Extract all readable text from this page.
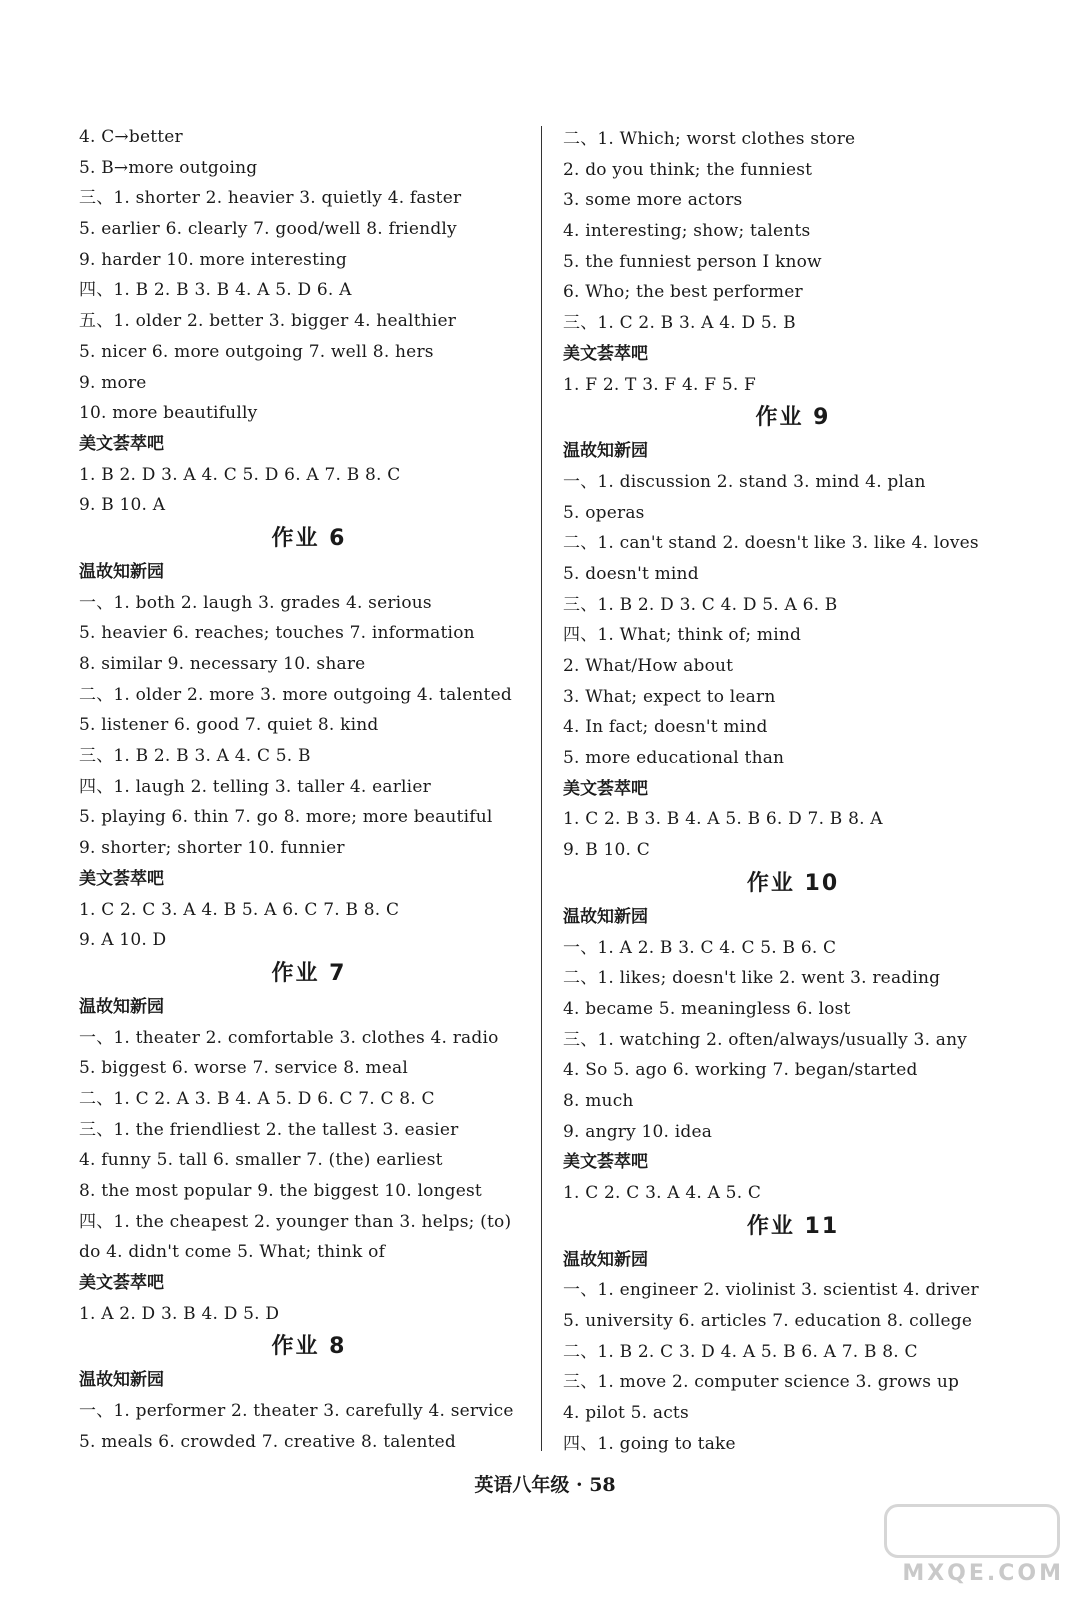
4. C→better
5. B→more outgoing
三、1. shorter 2. heavier 3. quietly 4. faster
5. earlier 6. clearly 7. good/well 8. friendly
9. harder 10. more interesting
四、1. B 2. B 3. B 4. A 5. D 6. A
五、1. older 2. better 3. bigger 4. healthier
5. nicer 6. more outgoing 7. well 8. hers
9. more
10. more beautifully
美文荟萃吧
1. B 2. D 3. A 4. C 5. D 6. A 7. B 8. C
9. B 10. A
作业 6
温故知新园
一、1. both 2. laugh 3. grades 4. serious
5. heavier 6. reaches; touches 7. information
8. similar 9. necessary 10. share
二、1. older 2. more 3. more outgoing 4. talented
5. listener 6. good 7. quiet 8. kind
三、1. B 2. B 3. A 4. C 5. B
四、1. laugh 2. telling 3. taller 4. earlier
5. playing 6. thin 7. go 8. more; more beautiful
9. shorter; shorter 10. funnier
美文荟萃吧
1. C 2. C 3. A 4. B 5. A 6. C 7. B 8. C
9. A 10. D
作业 7
温故知新园
一、1. theater 2. comfortable 3. clothes 4. radio
5. biggest 6. worse 7. service 8. meal
二、1. C 2. A 3. B 4. A 5. D 6. C 7. C 8. C
三、1. the friendliest 2. the tallest 3. easier
4. funny 5. tall 6. smaller 7. (the) earliest
8. the most popular 9. the biggest 10. longest
四、1. the cheapest 2. younger than 3. helps; (to)
do 4. didn't come 5. What; think of
美文荟萃吧
1. A 2. D 3. B 4. D 5. D
作业 8
温故知新园
一、1. performer 2. theater 3. carefully 4. service
5. meals 6. crowded 7. creative 8. talented
二、1. Which; worst clothes store
2. do you think; the funniest
3. some more actors
4. interesting; show; talents
5. the funniest person I know
6. Who; the best performer
三、1. C 2. B 3. A 4. D 5. B
美文荟萃吧
1. F 2. T 3. F 4. F 5. F
作业 9
温故知新园
一、1. discussion 2. stand 3. mind 4. plan
5. operas
二、1. can't stand 2. doesn't like 3. like 4. loves
5. doesn't mind
三、1. B 2. D 3. C 4. D 5. A 6. B
四、1. What; think of; mind
2. What/How about
3. What; expect to learn
4. In fact; doesn't mind
5. more educational than
美文荟萃吧
1. C 2. B 3. B 4. A 5. B 6. D 7. B 8. A
9. B 10. C
作业 10
温故知新园
一、1. A 2. B 3. C 4. C 5. B 6. C
二、1. likes; doesn't like 2. went 3. reading
4. became 5. meaningless 6. lost
三、1. watching 2. often/always/usually 3. any
4. So 5. ago 6. working 7. began/started
8. much
9. angry 10. idea
美文荟萃吧
1. C 2. C 3. A 4. A 5. C
作业 11
温故知新园
一、1. engineer 2. violinist 3. scientist 4. driver
5. university 6. articles 7. education 8. college
二、1. B 2. C 3. D 4. A 5. B 6. A 7. B 8. C
三、1. move 2. computer science 3. grows up
4. pilot 5. acts
四、1. going to take
英语八年级 · 58
MXQE.COM
